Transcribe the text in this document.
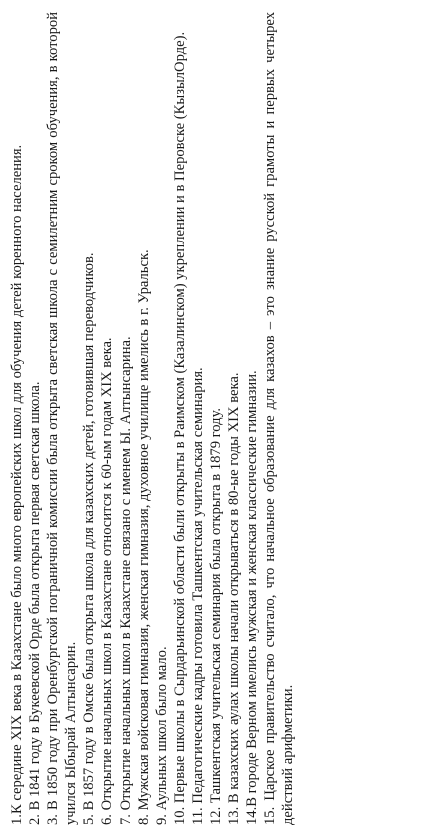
1.К середине XIX века в Казахстане было много европейских школ для обучения детей коренного населения. 2. В 1841 году в Букеевской Орде была открыта первая светская школа. 3. В 1850 году при Оренбургской пограничной комиссии была открыта светская школа с семилетним сроком обучения, в которой учился Ыбырай Алтынсарин. 5. В 1857 году в Омске была открыта школа для казахских детей, готовившая переводчиков. 6. Открытие начальных школ в Казахстане относится к 60-ым годам XIX века. 7. Открытие начальных школ в Казахстане связано с именем Ы. Алтынсарина. 8. Мужская войсковая гимназия, женская гимназия, духовное училище имелись в г. Уральск. 9. Аульных школ было мало. 10. Первые школы в Сырдарьинской области были открыты в Раимском (Казалинском) укреплении и в Перовске (КызылОрде). 11. Педагогические кадры готовила Ташкентская учительская семинария. 12. Ташкентская учительская семинария была открыта в 1879 году. 13. В казахских аулах школы начали открываться в 80-ые годы XIX века. 14.В городе Верном имелись мужская и женская классические гимназии. 15. Царское правительство считало, что начальное образование для казахов – это знание русской грамоты и первых четырех действий арифметики.
